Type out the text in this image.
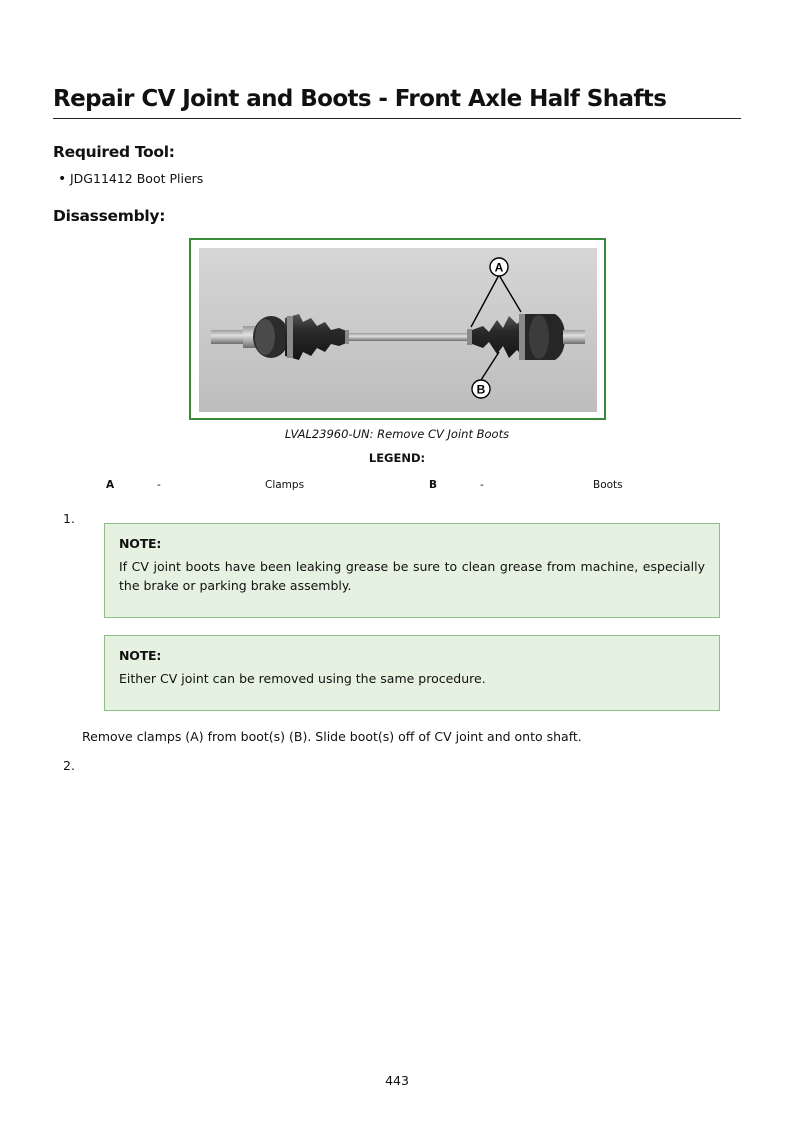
Repair CV Joint and Boots - Front Axle Half Shafts
Required Tool:
• JDG11412 Boot Pliers
Disassembly:
A
B
LVAL23960-UN: Remove CV Joint Boots
LEGEND:
A	-	Clamps	B	-	Boots
1.
NOTE:
If CV joint boots have been leaking grease be sure to clean grease from machine, especially the brake or parking brake assembly.
NOTE:
Either CV joint can be removed using the same procedure.
Remove clamps (A) from boot(s) (B). Slide boot(s) off of CV joint and onto shaft.
2.
443
